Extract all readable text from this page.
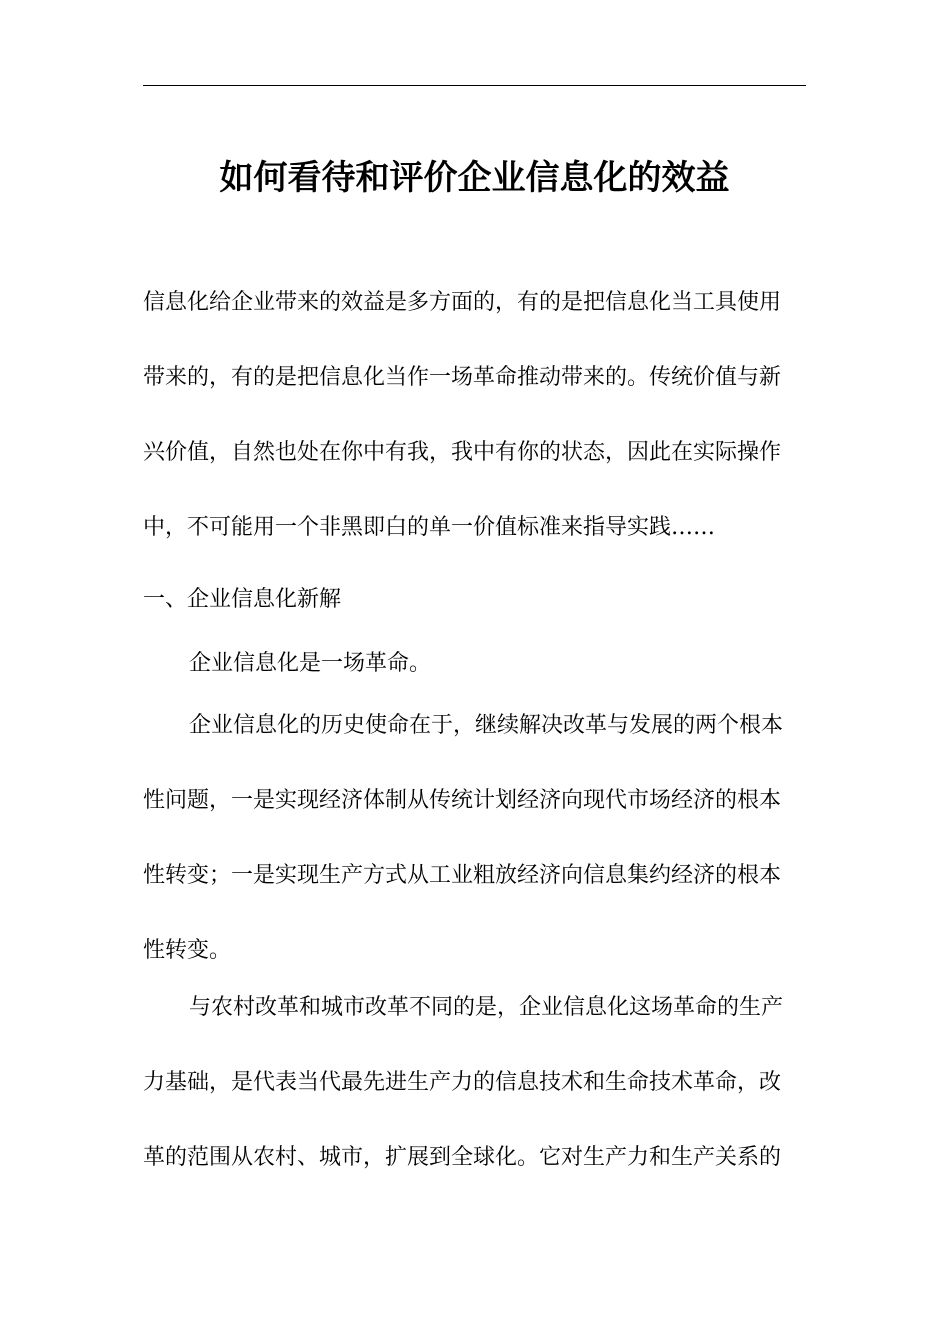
如何看待和评价企业信息化的效益
信息化给企业带来的效益是多方面的，有的是把信息化当工具使用
带来的，有的是把信息化当作一场革命推动带来的。传统价值与新
兴价值，自然也处在你中有我，我中有你的状态，因此在实际操作
中，不可能用一个非黑即白的单一价值标准来指导实践……
一、企业信息化新解
企业信息化是一场革命。
企业信息化的历史使命在于，继续解决改革与发展的两个根本
性问题，一是实现经济体制从传统计划经济向现代市场经济的根本
性转变；一是实现生产方式从工业粗放经济向信息集约经济的根本
性转变。
与农村改革和城市改革不同的是，企业信息化这场革命的生产
力基础，是代表当代最先进生产力的信息技术和生命技术革命，改
革的范围从农村、城市，扩展到全球化。它对生产力和生产关系的
